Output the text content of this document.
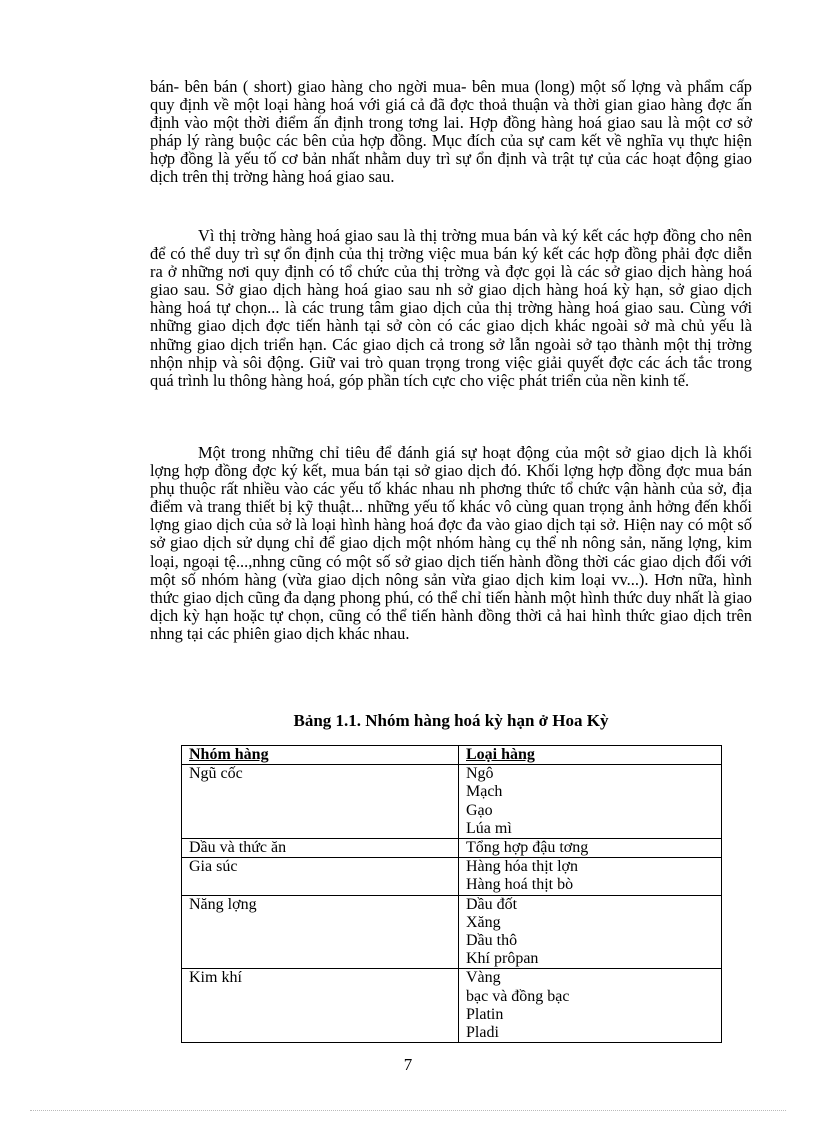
bán- bên bán ( short) giao hàng cho ngời mua- bên mua (long) một số lợng và phẩm cấp quy định về một loại hàng hoá với giá cả đã đợc thoả thuận và thời gian giao hàng đợc ấn định vào một thời điểm ấn định trong tơng lai. Hợp đồng hàng hoá giao sau là một cơ sở pháp lý ràng buộc các bên của hợp đồng. Mục đích của sự cam kết về nghĩa vụ thực hiện hợp đồng là yếu tố cơ bản nhất nhằm duy trì sự ổn định và trật tự của các hoạt động giao dịch trên thị trờng hàng hoá giao sau.

Vì thị trờng hàng hoá giao sau là thị trờng mua bán và ký kết các hợp đồng cho nên để có thể duy trì sự ổn định của thị trờng việc mua bán ký kết các hợp đồng phải đợc diễn ra ở những nơi quy định có tổ chức của thị trờng và đợc gọi là các sở giao dịch hàng hoá giao sau. Sở giao dịch hàng hoá giao sau nh sở giao dịch hàng hoá kỳ hạn, sở giao dịch hàng hoá tự chọn... là các trung tâm giao dịch của thị trờng hàng hoá giao sau. Cùng với những giao dịch đợc tiến hành tại sở còn có các giao dịch khác ngoài sở mà chủ yếu là những giao dịch triển hạn. Các giao dịch cả trong sở lẫn ngoài sở tạo thành một thị trờng nhộn nhịp và sôi động. Giữ vai trò quan trọng trong việc giải quyết đợc các ách tắc trong quá trình lu thông hàng hoá, góp phần tích cực cho việc phát triển của nền kinh tế.

Một trong những chỉ tiêu để đánh giá sự hoạt động của một sở giao dịch là khối lợng hợp đồng đợc ký kết, mua bán tại sở giao dịch đó. Khối lợng hợp đồng đợc mua bán phụ thuộc rất nhiều vào các yếu tố khác nhau nh phơng thức tổ chức vận hành của sở, địa điểm và trang thiết bị kỹ thuật... những yếu tố khác vô cùng quan trọng ảnh hởng đến khối lợng giao dịch của sở là loại hình hàng hoá đợc đa vào giao dịch tại sở. Hiện nay có một số sở giao dịch sử dụng chỉ để giao dịch một nhóm hàng cụ thể nh nông sản, năng lợng, kim loại, ngoại tệ...,nhng cũng có một số sở giao dịch tiến hành đồng thời các giao dịch đối với một số nhóm hàng (vừa giao dịch nông sản vừa giao dịch kim loại vv...). Hơn nữa, hình thức giao dịch cũng đa dạng phong phú, có thể chỉ tiến hành một hình thức duy nhất là giao dịch kỳ hạn hoặc tự chọn, cũng có thể tiến hành đồng thời cả hai hình thức giao dịch trên nhng tại các phiên giao dịch khác nhau.

Bảng 1.1. Nhóm hàng hoá kỳ hạn ở Hoa Kỳ
Nhóm hàng	Loại hàng
Ngũ cốc	Ngô
Mạch
Gạo
Lúa mì

Dầu và thức ăn	Tổng hợp đậu tơng

Gia súc	Hàng hóa thịt lợn
Hàng hoá thịt bò

Năng lợng	Dầu đốt
Xăng
Dầu thô
Khí prôpan

Kim khí	Vàng
bạc và đồng bạc
Platin
Pladi
7
